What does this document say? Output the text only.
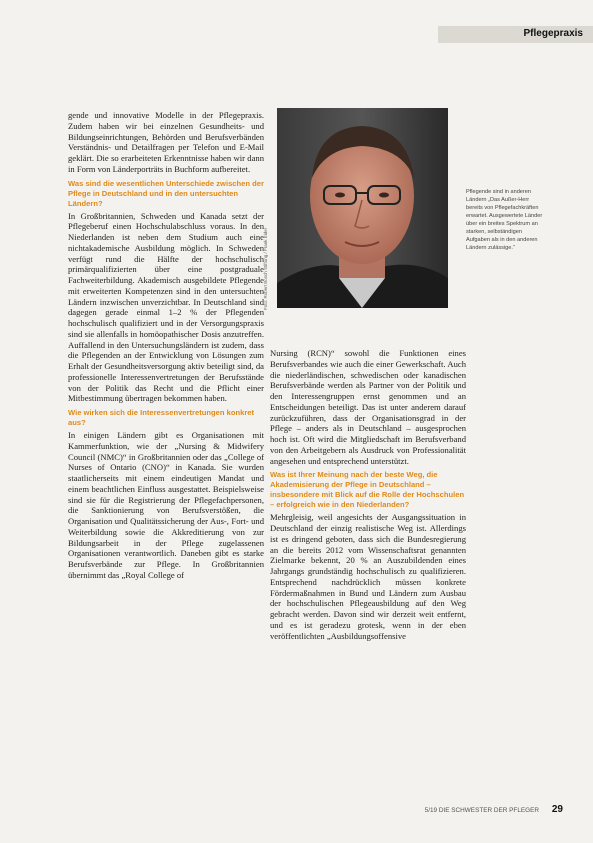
Pflegepraxis

gende und innovative Modelle in der Pflegepraxis. Zudem haben wir bei einzelnen Gesundheits- und Bildungseinrichtungen, Behörden und Berufsverbänden Verständnis- und Detailfragen per Telefon und E-Mail geklärt. Die so erarbeiteten Erkenntnisse haben wir dann in Form von Länderporträts in Buchform aufbereitet.

Was sind die wesentlichen Unterschiede zwischen der Pflege in Deutschland und in den untersuchten Ländern?

In Großbritannien, Schweden und Kanada setzt der Pflegeberuf einen Hochschulabschluss voraus. In den Niederlanden ist neben dem Studium auch eine nichtakademische Ausbildung möglich. In Schweden verfügt rund die Hälfte der hochschulisch primärqualifizierten über eine postgraduale Fachweiterbildung. Akademisch ausgebildete Pflegende mit erweiterten Kompetenzen sind in den untersuchten Ländern inzwischen unverzichtbar. In Deutschland sind dagegen gerade einmal 1–2 % der Pflegenden hochschulisch qualifiziert und in der Versorgungspraxis sind sie allenfalls in homöopathischer Dosis anzutreffen. Auffallend in den Untersuchungsländern ist zudem, dass die Pflegenden an der Entwicklung von Lösungen zum Erhalt der Gesundheitsversorgung aktiv beteiligt sind, da professionelle Interessenvertretungen der Berufsstände von der Politik das Recht und die Pflicht einer Mitbestimmung übertragen bekommen haben.

Wie wirken sich die Interessenvertretungen konkret aus?

In einigen Ländern gibt es Organisationen mit Kammerfunktion, wie der „Nursing & Midwifery Council (NMC)“ in Großbritannien oder das „College of Nurses of Ontario (CNO)“ in Kanada. Sie wurden staatlicherseits mit einem eindeutigen Mandat und einem beachtlichen Einfluss ausgestattet. Beispielsweise sind sie für die Registrierung der Pflegefachpersonen, die Sanktionierung von Berufsverstößen, die Organisation und Qualitätssicherung der Aus-, Fort- und Weiterbildung sowie die Akkreditierung von zur Bildungsarbeit in der Pflege zugelassenen Organisationen verantwortlich. Daneben gibt es starke Berufsverbände zur Pflege. In Großbritannien übernimmt das „Royal College of

Foto: Robert Bosch Stiftung / Frank Eidel
Pflegende sind in anderen Ländern „Das Außer-Herr bereits von Pflegefachkräften erwartet. Ausgewertete Länder über ein breites Spektrum an starken, selbständigen Aufgaben als in den anderen Ländern zulässige.“

Nursing (RCN)“ sowohl die Funktionen eines Berufsverbandes wie auch die einer Gewerkschaft. Auch die niederländischen, schwedischen oder kanadischen Berufsverbände werden als Partner von der Politik und den Interessengruppen ernst genommen und an Entscheidungen beteiligt. Das ist unter anderem darauf zurückzuführen, dass der Organisationsgrad in der Pflege – anders als in Deutschland – ausgesprochen hoch ist. Oft wird die Mitgliedschaft im Berufsverband von den Arbeitgebern als Ausdruck von Professionalität angesehen und entsprechend unterstützt.

Was ist Ihrer Meinung nach der beste Weg, die Akademisierung der Pflege in Deutschland – insbesondere mit Blick auf die Rolle der Hochschulen – erfolgreich wie in den Niederlanden?

Mehrgleisig, weil angesichts der Ausgangssituation in Deutschland der einzig realistische Weg ist. Allerdings ist es dringend geboten, dass sich die Bundesregierung an die bereits 2012 vom Wissenschaftsrat genannten Zielmarke bekennt, 20 % an Auszubildenden eines Jahrgangs grundständig hochschulisch zu qualifizieren. Entsprechend nachdrücklich müssen konkrete Fördermaßnahmen in Bund und Ländern zum Ausbau der hochschulischen Pflegeausbildung auf den Weg gebracht werden. Davon sind wir derzeit weit entfernt, und es ist geradezu grotesk, wenn in der eben veröffentlichten „Ausbildungsoffensive

5/19 DIE SCHWESTER DER PFLEGER 29
